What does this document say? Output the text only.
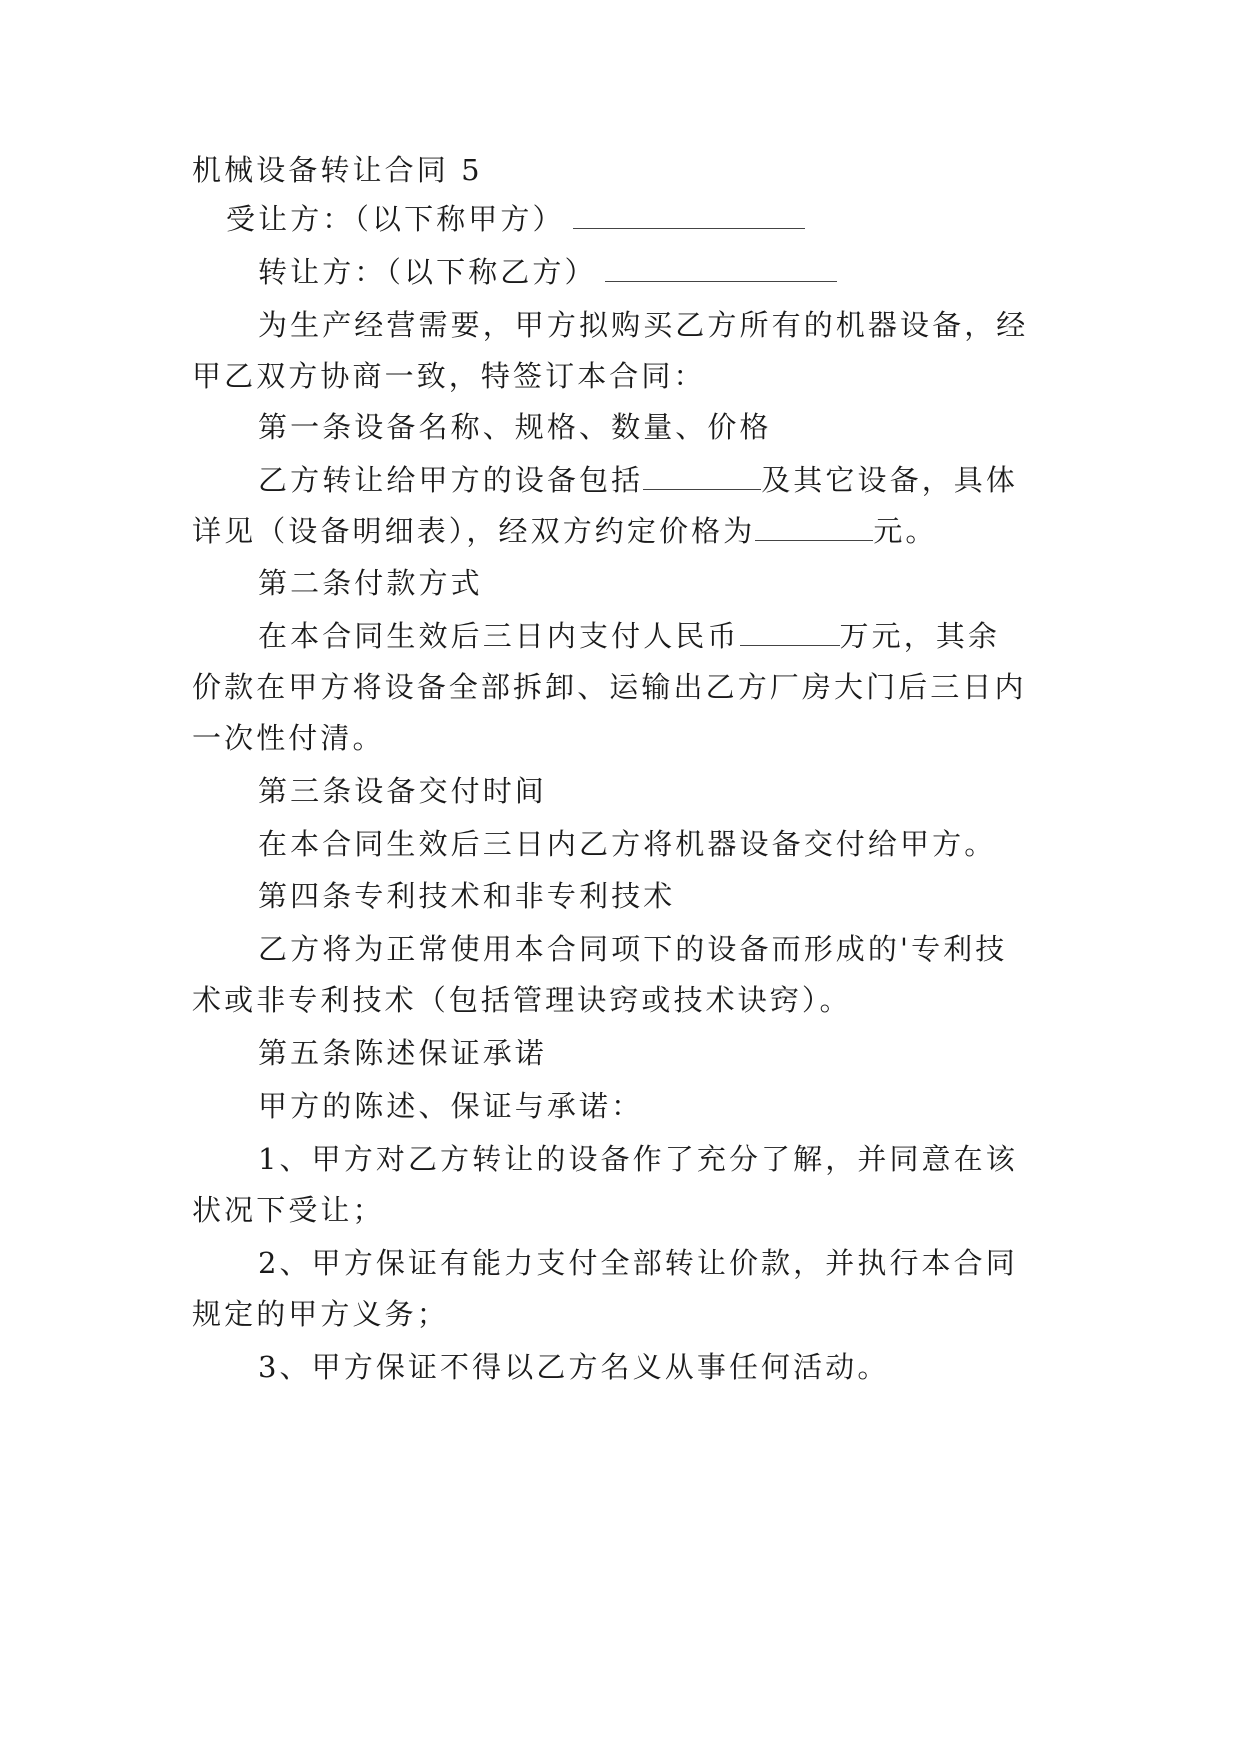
机械设备转让合同 5
受让方：（以下称甲方）
转让方：（以下称乙方）
为生产经营需要，甲方拟购买乙方所有的机器设备，经
甲乙双方协商一致，特签订本合同：
第一条设备名称、规格、数量、价格
乙方转让给甲方的设备包括	及其它设备，具体
详见（设备明细表），经双方约定价格为	元。
第二条付款方式
在本合同生效后三日内支付人民币	万元，其余
价款在甲方将设备全部拆卸、运输出乙方厂房大门后三日内
一次性付清。
第三条设备交付时间
在本合同生效后三日内乙方将机器设备交付给甲方。
第四条专利技术和非专利技术
乙方将为正常使用本合同项下的设备而形成的'专利技
术或非专利技术（包括管理诀窍或技术诀窍）。
第五条陈述保证承诺
甲方的陈述、保证与承诺：
1、甲方对乙方转让的设备作了充分了解，并同意在该
状况下受让；
2、甲方保证有能力支付全部转让价款，并执行本合同
规定的甲方义务；
3、甲方保证不得以乙方名义从事任何活动。
